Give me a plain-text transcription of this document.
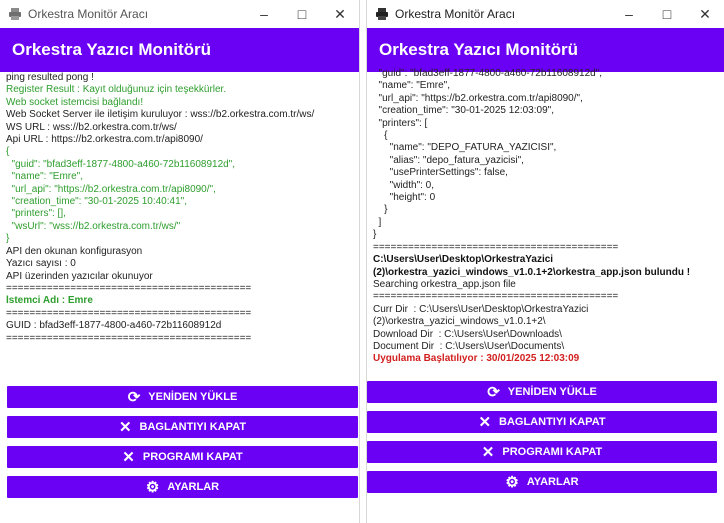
Orkestra Monitör Aracı	–	□	✕
Orkestra Yazıcı Monitörü
ping resulted pong !
Register Result : Kayıt olduğunuz için teşekkürler.
Web socket istemcisi bağlandı!
Web Socket Server ile iletişim kuruluyor : wss://b2.orkestra.com.tr/ws/
WS URL : wss://b2.orkestra.com.tr/ws/
Api URL : https://b2.orkestra.com.tr/api8090/
{
"guid": "bfad3eff-1877-4800-a460-72b11608912d",
"name": "Emre",
"url_api": "https://b2.orkestra.com.tr/api8090/",
"creation_time": "30-01-2025 10:40:41",
"printers": [],
"wsUrl": "wss://b2.orkestra.com.tr/ws/"
}
API den okunan konfigurasyon
Yazıcı sayısı : 0
API üzerinden yazıcılar okunuyor
==========================================
İstemci Adı : Emre
==========================================
GUID : bfad3eff-1877-4800-a460-72b11608912d
==========================================
⟳ YENİDEN YÜKLE
✕ BAGLANTIYI KAPAT
✕ PROGRAMI KAPAT
⚙ AYARLAR
Orkestra Monitör Aracı	–	□	✕
Orkestra Yazıcı Monitörü
"guid": "bfad3eff-1877-4800-a460-72b11608912d",
"name": "Emre",
"url_api": "https://b2.orkestra.com.tr/api8090/",
"creation_time": "30-01-2025 12:03:09",
"printers": [
{
"name": "DEPO_FATURA_YAZICISI",
"alias": "depo_fatura_yazicisi",
"usePrinterSettings": false,
"width": 0,
"height": 0
}
]
}
==========================================
C:\Users\User\Desktop\OrkestraYazici
(2)\orkestra_yazici_windows_v1.0.1+2\orkestra_app.json bulundu !
Searching orkestra_app.json file
==========================================
Curr Dir  : C:\Users\User\Desktop\OrkestraYazici
(2)\orkestra_yazici_windows_v1.0.1+2\
Download Dir  : C:\Users\User\Downloads\
Document Dir  : C:\Users\User\Documents\
Uygulama Başlatılıyor : 30/01/2025 12:03:09
⟳ YENİDEN YÜKLE
✕ BAGLANTIYI KAPAT
✕ PROGRAMI KAPAT
⚙ AYARLAR
